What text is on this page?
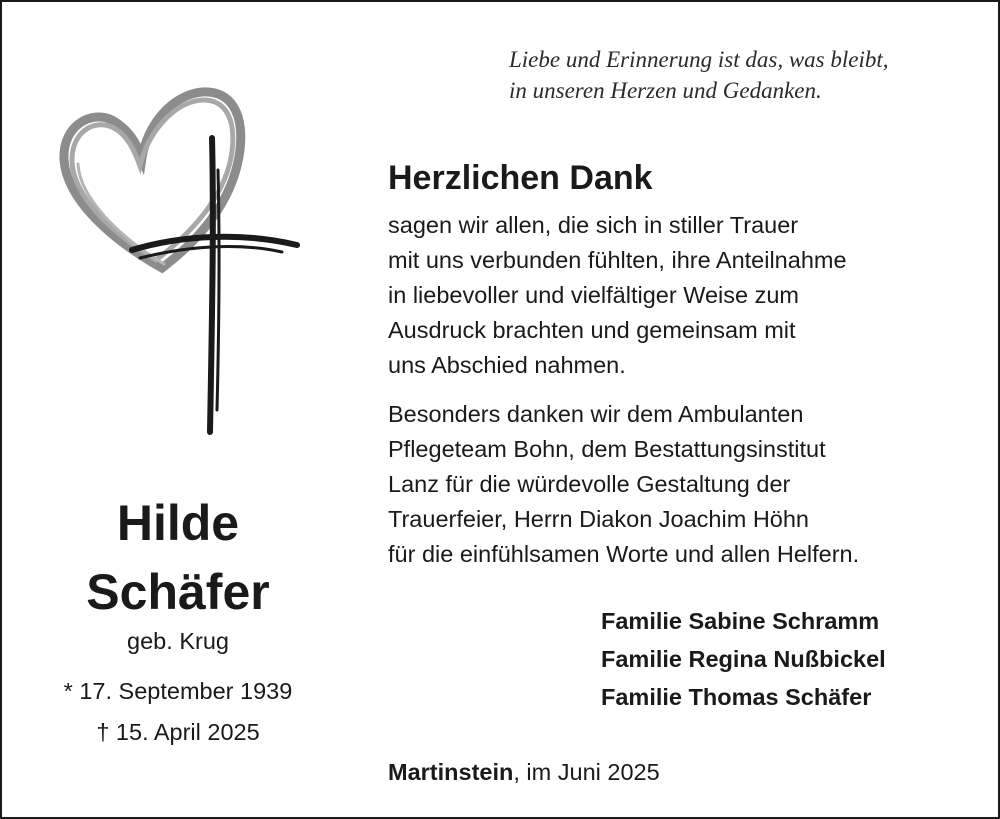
Liebe und Erinnerung ist das, was bleibt,
in unseren Herzen und Gedanken.
Herzlichen Dank
sagen wir allen, die sich in stiller Trauer
mit uns verbunden fühlten, ihre Anteilnahme
in liebevoller und vielfältiger Weise zum
Ausdruck brachten und gemeinsam mit
uns Abschied nahmen.
Besonders danken wir dem Ambulanten
Pflegeteam Bohn, dem Bestattungsinstitut
Lanz für die würdevolle Gestaltung der
Trauerfeier, Herrn Diakon Joachim Höhn
für die einfühlsamen Worte und allen Helfern.
Familie Sabine Schramm
Familie Regina Nußbickel
Familie Thomas Schäfer
Martinstein, im Juni 2025
Hilde
Schäfer
geb. Krug
* 17. September 1939
† 15. April 2025
